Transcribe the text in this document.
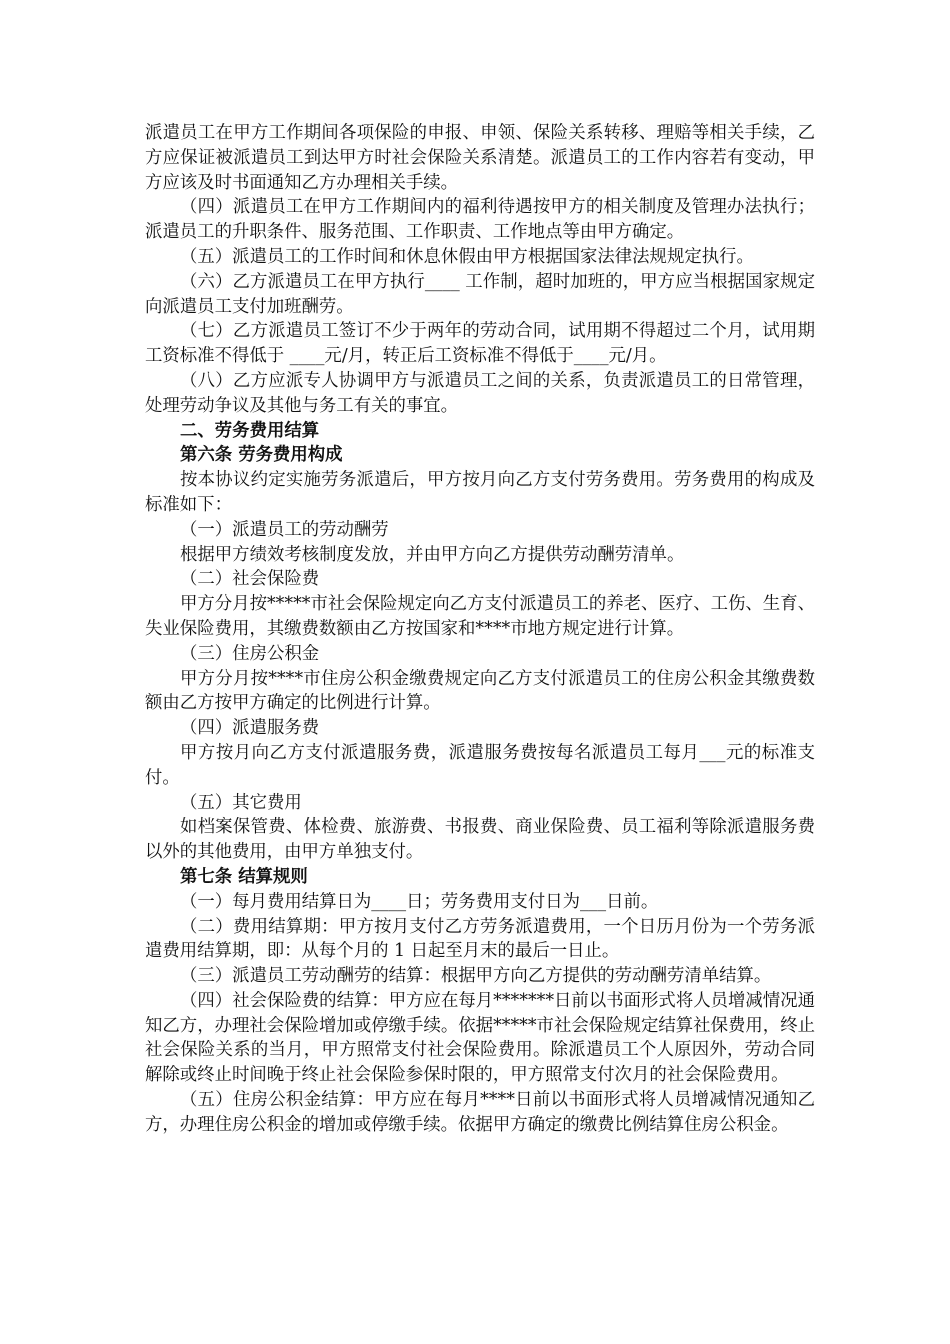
派遣员工在甲方工作期间各项保险的申报、申领、保险关系转移、理赔等相关手续，乙方应保证被派遣员工到达甲方时社会保险关系清楚。派遣员工的工作内容若有变动，甲方应该及时书面通知乙方办理相关手续。

（四）派遣员工在甲方工作期间内的福利待遇按甲方的相关制度及管理办法执行；派遣员工的升职条件、服务范围、工作职责、工作地点等由甲方确定。

（五）派遣员工的工作时间和休息休假由甲方根据国家法律法规规定执行。

（六）乙方派遣员工在甲方执行____ 工作制，超时加班的，甲方应当根据国家规定向派遣员工支付加班酬劳。

（七）乙方派遣员工签订不少于两年的劳动合同，试用期不得超过二个月，试用期工资标准不得低于 ____元/月，转正后工资标准不得低于____元/月。

（八）乙方应派专人协调甲方与派遣员工之间的关系，负责派遣员工的日常管理，处理劳动争议及其他与务工有关的事宜。

二、劳务费用结算

第六条 劳务费用构成

按本协议约定实施劳务派遣后，甲方按月向乙方支付劳务费用。劳务费用的构成及标准如下：

（一）派遣员工的劳动酬劳

根据甲方绩效考核制度发放，并由甲方向乙方提供劳动酬劳清单。

（二）社会保险费

甲方分月按*****市社会保险规定向乙方支付派遣员工的养老、医疗、工伤、生育、失业保险费用，其缴费数额由乙方按国家和****市地方规定进行计算。

（三）住房公积金

甲方分月按****市住房公积金缴费规定向乙方支付派遣员工的住房公积金其缴费数额由乙方按甲方确定的比例进行计算。

（四）派遣服务费

甲方按月向乙方支付派遣服务费，派遣服务费按每名派遣员工每月___元的标准支付。

（五）其它费用

如档案保管费、体检费、旅游费、书报费、商业保险费、员工福利等除派遣服务费以外的其他费用，由甲方单独支付。

第七条 结算规则

（一）每月费用结算日为____日；劳务费用支付日为___日前。

（二）费用结算期：甲方按月支付乙方劳务派遣费用，一个日历月份为一个劳务派遣费用结算期，即：从每个月的 1 日起至月末的最后一日止。

（三）派遣员工劳动酬劳的结算：根据甲方向乙方提供的劳动酬劳清单结算。

（四）社会保险费的结算：甲方应在每月*******日前以书面形式将人员增减情况通知乙方，办理社会保险增加或停缴手续。依据*****市社会保险规定结算社保费用，终止社会保险关系的当月，甲方照常支付社会保险费用。除派遣员工个人原因外，劳动合同解除或终止时间晚于终止社会保险参保时限的，甲方照常支付次月的社会保险费用。

（五）住房公积金结算：甲方应在每月****日前以书面形式将人员增减情况通知乙方，办理住房公积金的增加或停缴手续。依据甲方确定的缴费比例结算住房公积金。
